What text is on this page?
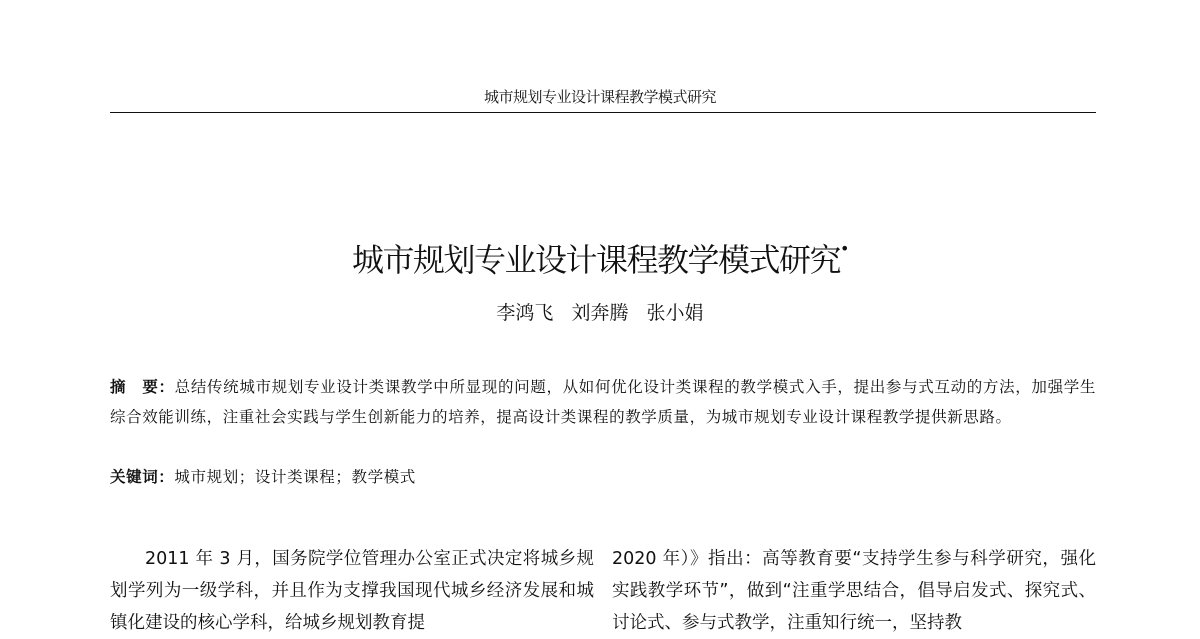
城市规划专业设计课程教学模式研究
城市规划专业设计课程教学模式研究•
李鸿飞 刘奔腾 张小娟

摘　要：总结传统城市规划专业设计类课教学中所显现的问题，从如何优化设计类课程的教学模式入手，提出参与式互动的方法，加强学生综合效能训练，注重社会实践与学生创新能力的培养，提高设计类课程的教学质量，为城市规划专业设计课程教学提供新思路。

关键词：城市规划；设计类课程；教学模式

2011 年 3 月，国务院学位管理办公室正式决定将城乡规划学列为一级学科，并且作为支撑我国现代城乡经济发展和城镇化建设的核心学科，给城乡规划教育提

2020 年）》指出：高等教育要“支持学生参与科学研究，强化实践教学环节”，做到“注重学思结合，倡导启发式、探究式、讨论式、参与式教学，注重知行统一，坚持教
